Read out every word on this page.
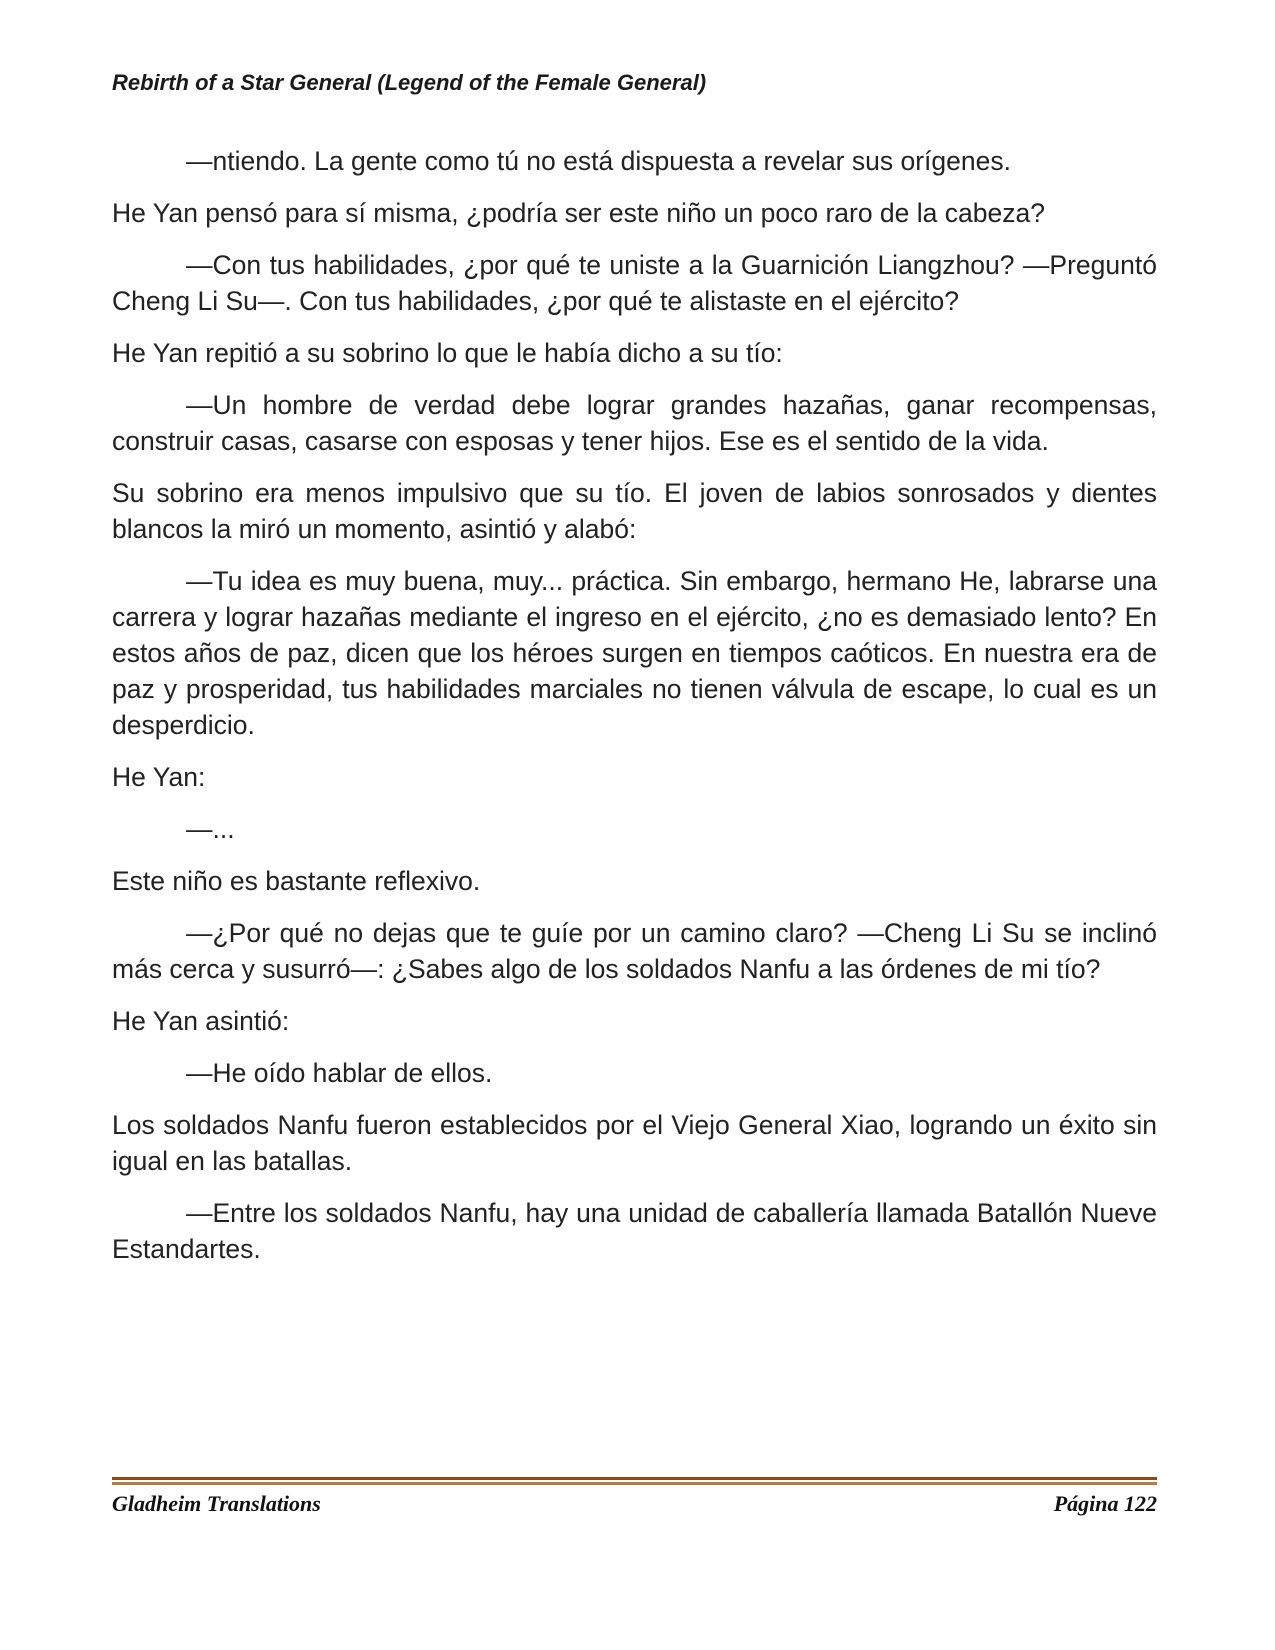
Rebirth of a Star General (Legend of the Female General)

—ntiendo. La gente como tú no está dispuesta a revelar sus orígenes.

He Yan pensó para sí misma, ¿podría ser este niño un poco raro de la cabeza?

—Con tus habilidades, ¿por qué te uniste a la Guarnición Liangzhou? —Preguntó Cheng Li Su—. Con tus habilidades, ¿por qué te alistaste en el ejército?

He Yan repitió a su sobrino lo que le había dicho a su tío:

—Un hombre de verdad debe lograr grandes hazañas, ganar recompensas, construir casas, casarse con esposas y tener hijos. Ese es el sentido de la vida.

Su sobrino era menos impulsivo que su tío. El joven de labios sonrosados y dientes blancos la miró un momento, asintió y alabó:

—Tu idea es muy buena, muy... práctica. Sin embargo, hermano He, labrarse una carrera y lograr hazañas mediante el ingreso en el ejército, ¿no es demasiado lento? En estos años de paz, dicen que los héroes surgen en tiempos caóticos. En nuestra era de paz y prosperidad, tus habilidades marciales no tienen válvula de escape, lo cual es un desperdicio.

He Yan:

—...

Este niño es bastante reflexivo.

—¿Por qué no dejas que te guíe por un camino claro? —Cheng Li Su se inclinó más cerca y susurró—: ¿Sabes algo de los soldados Nanfu a las órdenes de mi tío?

He Yan asintió:

—He oído hablar de ellos.

Los soldados Nanfu fueron establecidos por el Viejo General Xiao, logrando un éxito sin igual en las batallas.

—Entre los soldados Nanfu, hay una unidad de caballería llamada Batallón Nueve Estandartes.

Gladheim Translations	Página 122
